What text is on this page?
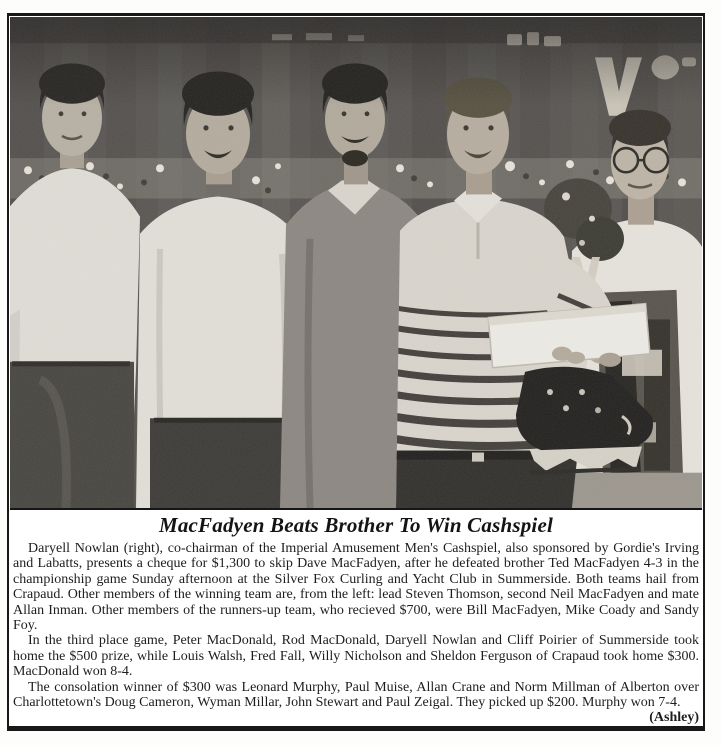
MacFadyen Beats Brother To Win Cashspiel

Daryell Nowlan (right), co-chairman of the Imperial Amusement Men's Cashspiel, also sponsored by Gordie's Irving and Labatts, presents a cheque for $1,300 to skip Dave MacFadyen, after he defeated brother Ted MacFadyen 4-3 in the championship game Sunday afternoon at the Silver Fox Curling and Yacht Club in Summerside. Both teams hail from Crapaud. Other members of the winning team are, from the left: lead Steven Thomson, second Neil MacFadyen and mate Allan Inman. Other members of the runners-up team, who recieved $700, were Bill MacFadyen, Mike Coady and Sandy Foy.

In the third place game, Peter MacDonald, Rod MacDonald, Daryell Nowlan and Cliff Poirier of Summerside took home the $500 prize, while Louis Walsh, Fred Fall, Willy Nicholson and Sheldon Ferguson of Crapaud took home $300. MacDonald won 8-4.

The consolation winner of $300 was Leonard Murphy, Paul Muise, Allan Crane and Norm Millman of Alberton over Charlottetown's Doug Cameron, Wyman Millar, John Stewart and Paul Zeigal. They picked up $200. Murphy won 7-4.
(Ashley)
